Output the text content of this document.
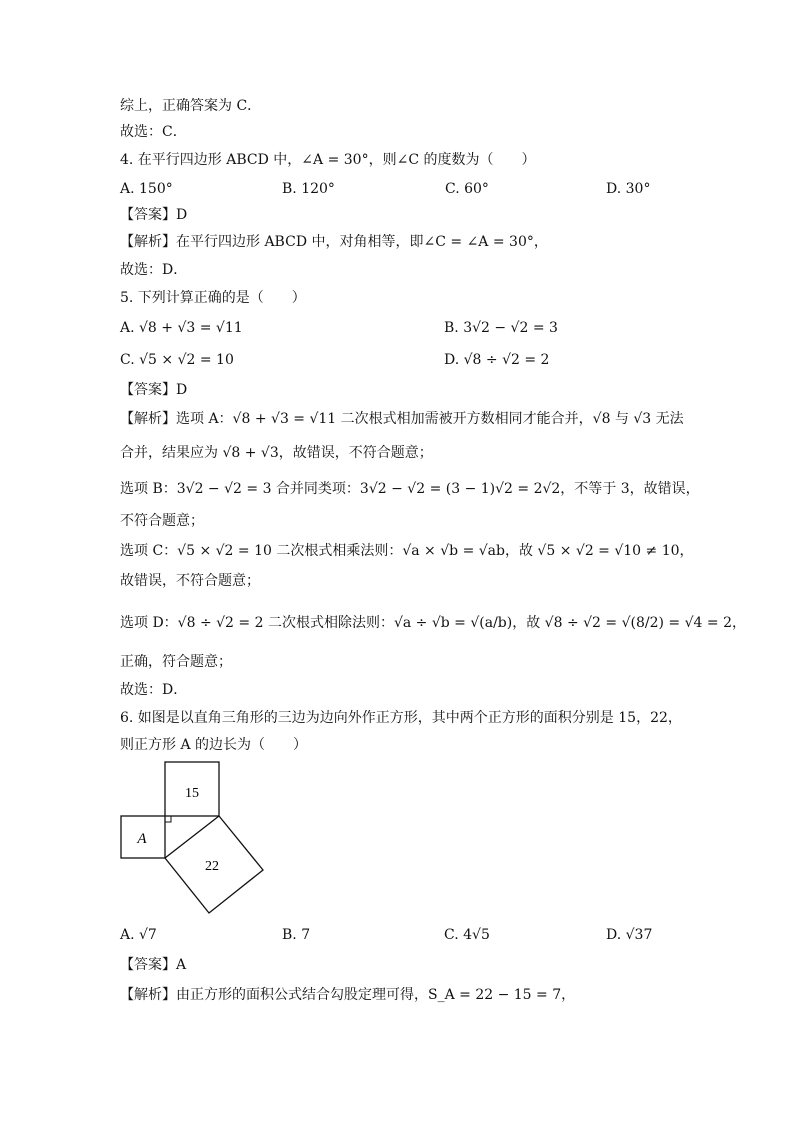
综上，正确答案为 C．
故选：C．
4. 在平行四边形 ABCD 中，∠A = 30°，则∠C 的度数为（　　）
A. 150°	B. 120°	C. 60°	D. 30°
【答案】D
【解析】在平行四边形 ABCD 中，对角相等，即∠C = ∠A = 30°，
故选：D．
5. 下列计算正确的是（　　）
A. √8 + √3 = √11	B. 3√2 − √2 = 3
C. √5 × √2 = 10	D. √8 ÷ √2 = 2
【答案】D
【解析】选项 A：√8 + √3 = √11 二次根式相加需被开方数相同才能合并，√8 与 √3 无法
合并，结果应为 √8 + √3，故错误，不符合题意；
选项 B：3√2 − √2 = 3 合并同类项：3√2 − √2 = (3 − 1)√2 = 2√2，不等于 3，故错误，
不符合题意；
选项 C：√5 × √2 = 10 二次根式相乘法则：√a × √b = √ab，故 √5 × √2 = √10 ≠ 10，
故错误，不符合题意；
选项 D：√8 ÷ √2 = 2 二次根式相除法则：√a ÷ √b = √(a/b)，故 √8 ÷ √2 = √(8/2) = √4 = 2，
正确，符合题意；
故选：D．
6. 如图是以直角三角形的三边为边向外作正方形，其中两个正方形的面积分别是 15，22，
则正方形 A 的边长为（　　）
15
A
22
A. √7	B. 7	C. 4√5	D. √37
【答案】A
【解析】由正方形的面积公式结合勾股定理可得，S_A = 22 − 15 = 7，
